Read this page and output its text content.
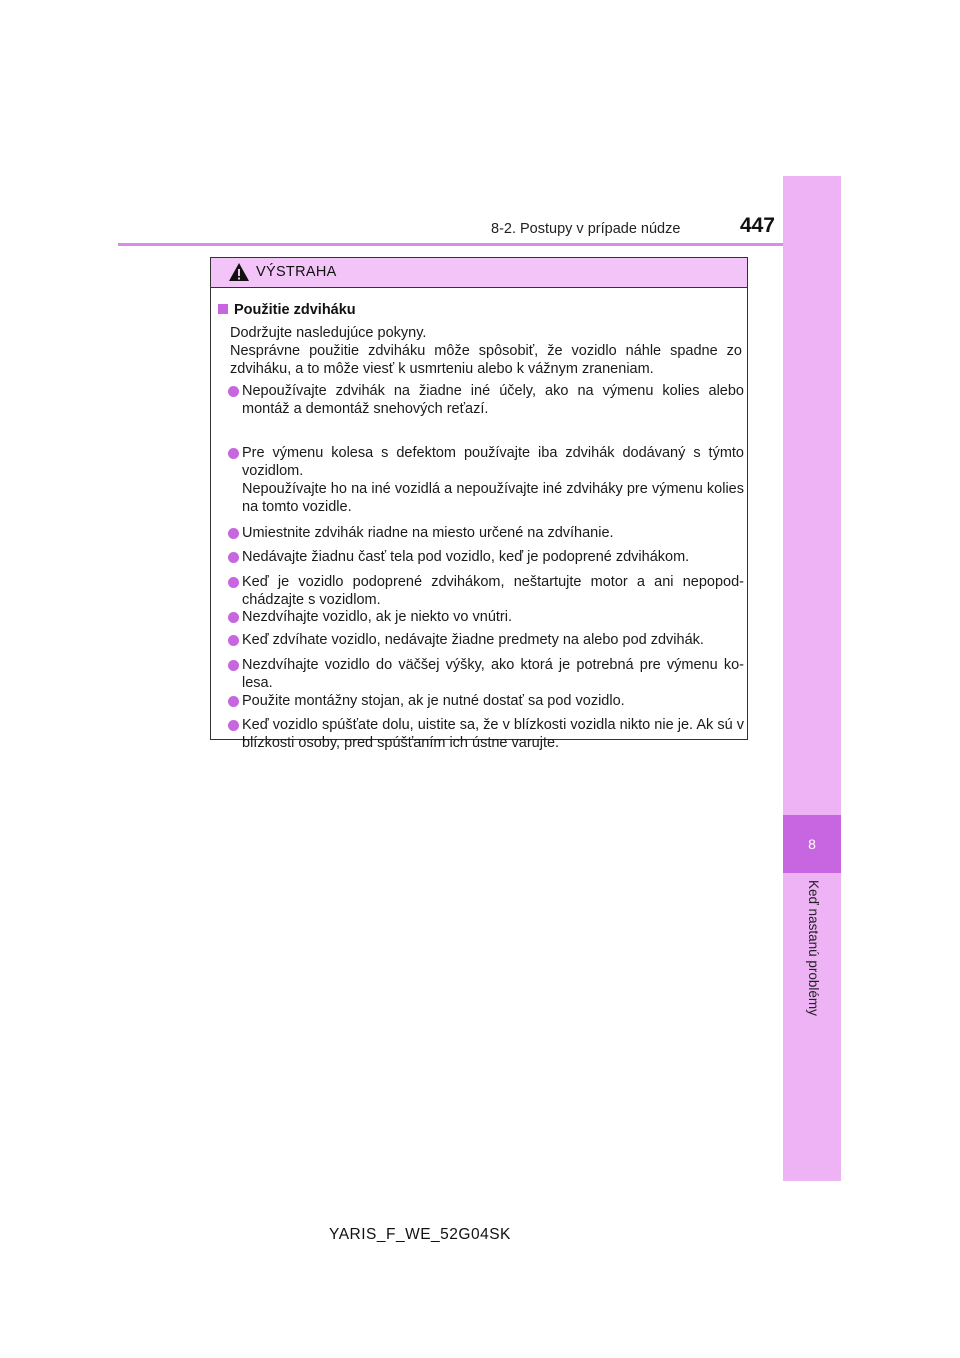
8-2. Postupy v prípade núdze	447
8
Keď nastanú problémy
VÝSTRAHA
Použitie zdviháku
Dodržujte nasledujúce pokyny.
Nesprávne použitie zdviháku môže spôsobiť, že vozidlo náhle spadne zo zdviháku, a to môže viesť k usmrteniu alebo k vážnym zraneniam.
Nepoužívajte zdvihák na žiadne iné účely, ako na výmenu kolies alebo montáž a demontáž snehových reťazí.
Pre výmenu kolesa s defektom používajte iba zdvihák dodávaný s týmto vozidlom.
Nepoužívajte ho na iné vozidlá a nepoužívajte iné zdviháky pre výmenu kolies na tomto vozidle.
Umiestnite zdvihák riadne na miesto určené na zdvíhanie.
Nedávajte žiadnu časť tela pod vozidlo, keď je podoprené zdvihákom.
Keď je vozidlo podoprené zdvihákom, neštartujte motor a ani nepopod-chádzajte s vozidlom.
Nezdvíhajte vozidlo, ak je niekto vo vnútri.
Keď zdvíhate vozidlo, nedávajte žiadne predmety na alebo pod zdvihák.
Nezdvíhajte vozidlo do väčšej výšky, ako ktorá je potrebná pre výmenu ko-lesa.
Použite montážny stojan, ak je nutné dostať sa pod vozidlo.
Keď vozidlo spúšťate dolu, uistite sa, že v blízkosti vozidla nikto nie je. Ak sú v blízkosti osoby, pred spúšťaním ich ústne varujte.
YARIS_F_WE_52G04SK
